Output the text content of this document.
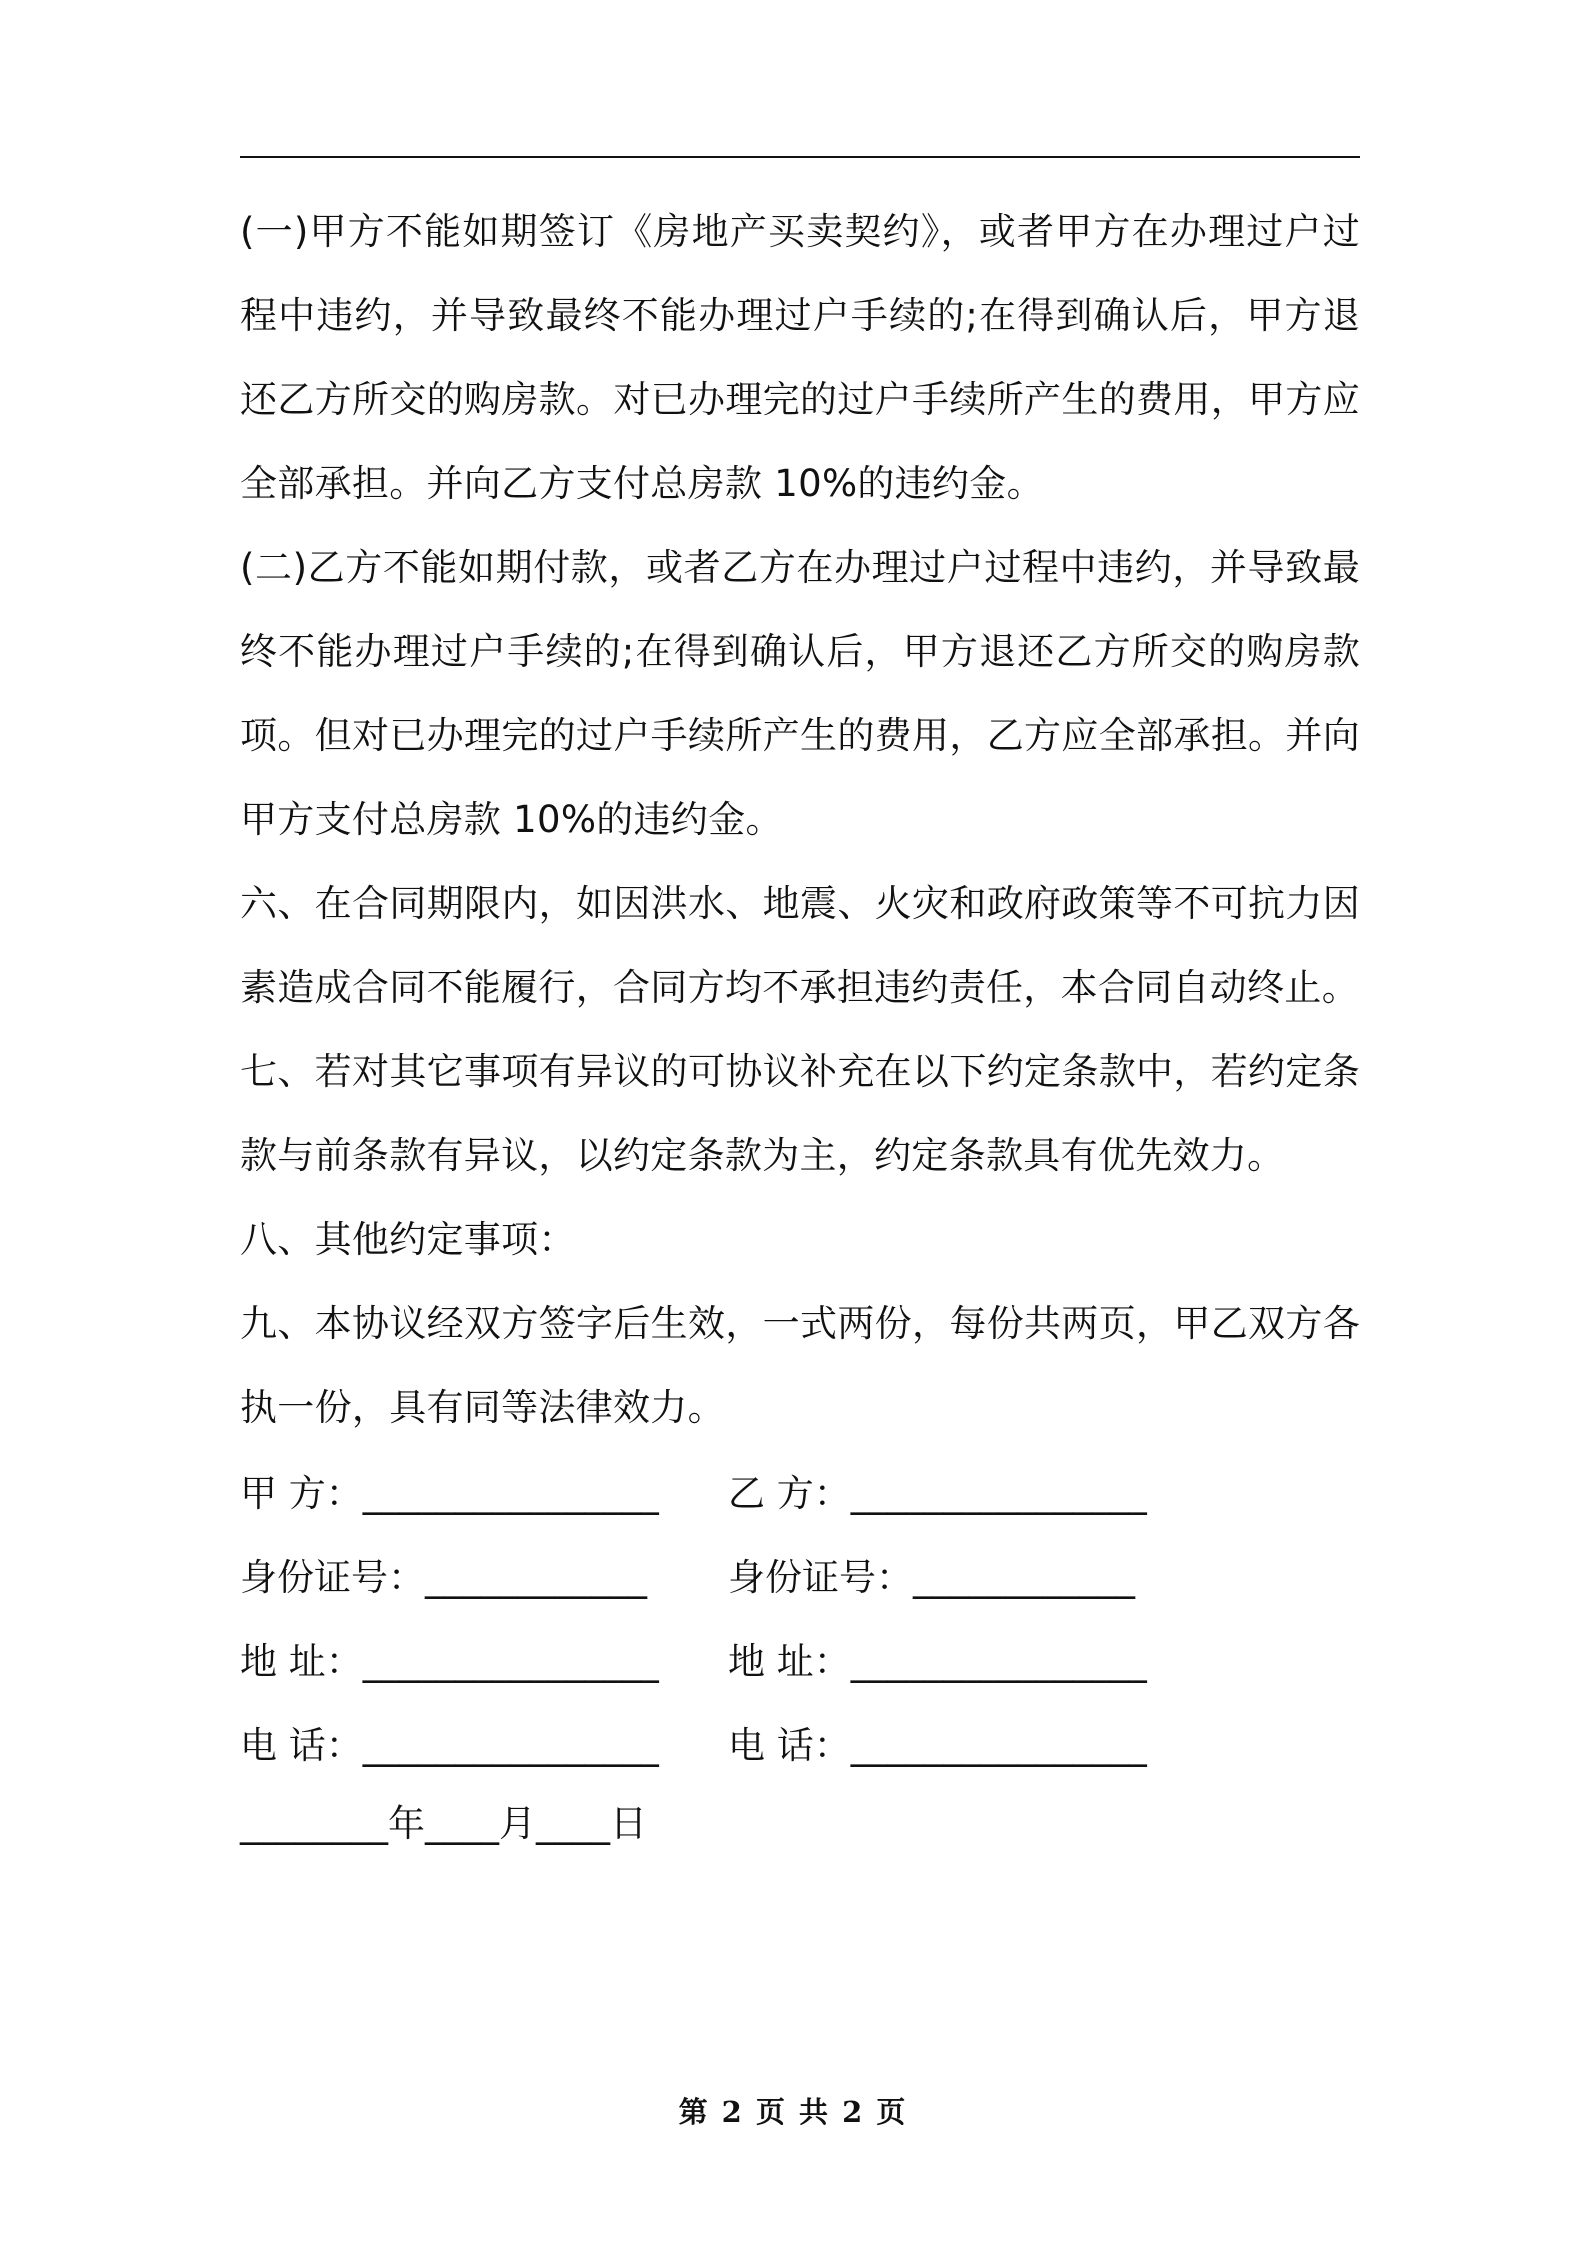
(一)甲方不能如期签订《房地产买卖契约》，或者甲方在办理过户过程中违约，并导致最终不能办理过户手续的;在得到确认后，甲方退还乙方所交的购房款。对已办理完的过户手续所产生的费用，甲方应全部承担。并向乙方支付总房款 10%的违约金。

(二)乙方不能如期付款，或者乙方在办理过户过程中违约，并导致最终不能办理过户手续的;在得到确认后，甲方退还乙方所交的购房款项。但对已办理完的过户手续所产生的费用，乙方应全部承担。并向甲方支付总房款 10%的违约金。

六、在合同期限内，如因洪水、地震、火灾和政府政策等不可抗力因素造成合同不能履行，合同方均不承担违约责任，本合同自动终止。

七、若对其它事项有异议的可协议补充在以下约定条款中，若约定条款与前条款有异议，以约定条款为主，约定条款具有优先效力。

八、其他约定事项：

九、本协议经双方签字后生效，一式两份，每份共两页，甲乙双方各执一份，具有同等法律效力。

甲 方：________________	乙 方：________________
身份证号：____________	身份证号：____________
地 址：________________	地 址：________________
电 话：________________	电 话：________________
________年____月____日
第 2 页 共 2 页
